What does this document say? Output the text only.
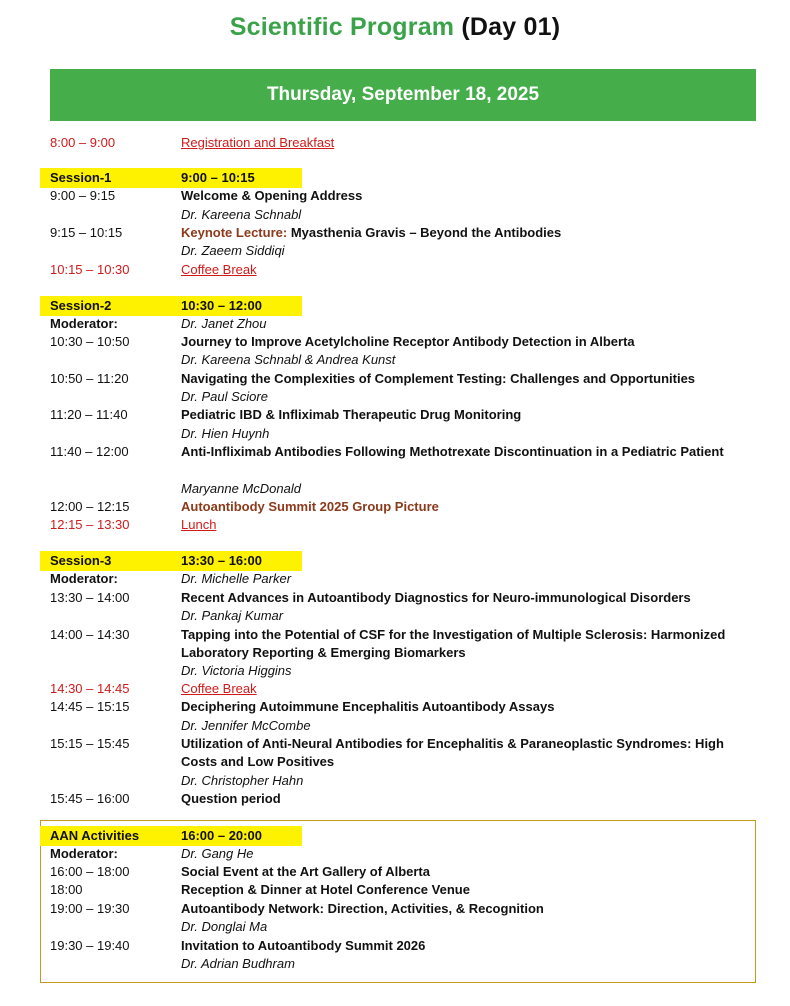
Scientific Program (Day 01)
Thursday, September 18, 2025
8:00 – 9:00	Registration and Breakfast
Session-1	9:00 – 10:15
9:00 – 9:15	Welcome & Opening Address
Dr. Kareena Schnabl
9:15 – 10:15	Keynote Lecture: Myasthenia Gravis – Beyond the Antibodies
Dr. Zaeem Siddiqi
10:15 – 10:30	Coffee Break
Session-2	10:30 – 12:00
Moderator:	Dr. Janet Zhou
10:30 – 10:50	Journey to Improve Acetylcholine Receptor Antibody Detection in Alberta
Dr. Kareena Schnabl & Andrea Kunst
10:50 – 11:20	Navigating the Complexities of Complement Testing: Challenges and Opportunities
Dr. Paul Sciore
11:20 – 11:40	Pediatric IBD & Infliximab Therapeutic Drug Monitoring
Dr. Hien Huynh
11:40 – 12:00	Anti-Infliximab Antibodies Following Methotrexate Discontinuation in a Pediatric Patient
Maryanne McDonald
12:00 – 12:15	Autoantibody Summit 2025 Group Picture
12:15 – 13:30	Lunch
Session-3	13:30 – 16:00
Moderator:	Dr. Michelle Parker
13:30 – 14:00	Recent Advances in Autoantibody Diagnostics for Neuro-immunological Disorders
Dr. Pankaj Kumar
14:00 – 14:30	Tapping into the Potential of CSF for the Investigation of Multiple Sclerosis: Harmonized Laboratory Reporting & Emerging Biomarkers
Dr. Victoria Higgins
14:30 – 14:45	Coffee Break
14:45 – 15:15	Deciphering Autoimmune Encephalitis Autoantibody Assays
Dr. Jennifer McCombe
15:15 – 15:45	Utilization of Anti-Neural Antibodies for Encephalitis & Paraneoplastic Syndromes: High Costs and Low Positives
Dr. Christopher Hahn
15:45 – 16:00	Question period
AAN Activities	16:00 – 20:00
Moderator:	Dr. Gang He
16:00 – 18:00	Social Event at the Art Gallery of Alberta
18:00	Reception & Dinner at Hotel Conference Venue
19:00 – 19:30	Autoantibody Network: Direction, Activities, & Recognition
Dr. Donglai Ma
19:30 – 19:40	Invitation to Autoantibody Summit 2026
Dr. Adrian Budhram
